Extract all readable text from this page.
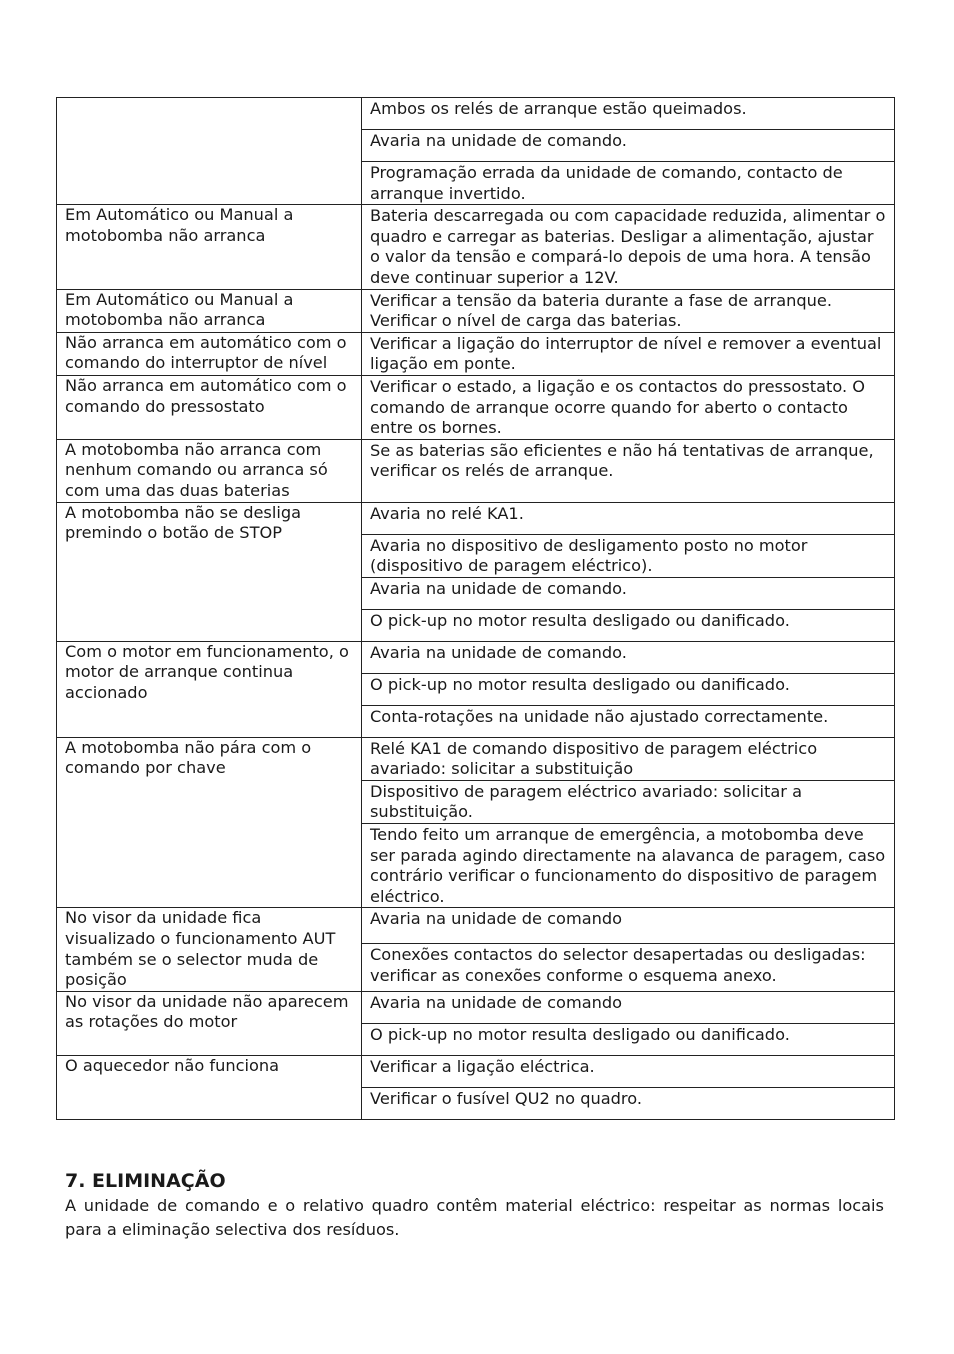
	Ambos os relés de arranque estão queimados.
	Avaria na unidade de comando.
	Programação errada da unidade de comando, contacto de arranque invertido.
Em Automático ou Manual a motobomba não arranca	Bateria descarregada ou com capacidade reduzida, alimentar o quadro e carregar as baterias. Desligar a alimentação, ajustar o valor da tensão e compará-lo depois de uma hora. A tensão deve continuar superior a 12V.
Em Automático ou Manual a motobomba não arranca	Verificar a tensão da bateria durante a fase de arranque. Verificar o nível de carga das baterias.
Não arranca em automático com o comando do interruptor de nível	Verificar a ligação do interruptor de nível e remover a eventual ligação em ponte.
Não arranca em automático com o comando do pressostato	Verificar o estado, a ligação e os contactos do pressostato. O comando de arranque ocorre quando for aberto o contacto entre os bornes.
A motobomba não arranca com nenhum comando ou arranca só com uma das duas baterias	Se as baterias são eficientes e não há tentativas de arranque, verificar os relés de arranque.
A motobomba não se desliga premindo o botão de STOP	Avaria no relé KA1.
	Avaria no dispositivo de desligamento posto no motor (dispositivo de paragem eléctrico).
	Avaria na unidade de comando.
	O pick-up no motor resulta desligado ou danificado.
Com o motor em funcionamento, o motor de arranque continua accionado	Avaria na unidade de comando.
	O pick-up no motor resulta desligado ou danificado.
	Conta-rotações na unidade não ajustado correctamente.
A motobomba não pára com o comando por chave	Relé KA1 de comando dispositivo de paragem eléctrico avariado: solicitar a substituição
	Dispositivo de paragem eléctrico avariado: solicitar a substituição.
	Tendo feito um arranque de emergência, a motobomba deve ser parada agindo directamente na alavanca de paragem, caso contrário verificar o funcionamento do dispositivo de paragem eléctrico.
No visor da unidade fica visualizado o funcionamento AUT também se o selector muda de posição	Avaria na unidade de comando
	Conexões contactos do selector desapertadas ou desligadas: verificar as conexões conforme o esquema anexo.
No visor da unidade não aparecem as rotações do motor	Avaria na unidade de comando
	O pick-up no motor resulta desligado ou danificado.
O aquecedor não funciona	Verificar a ligação eléctrica.
	Verificar o fusível QU2 no quadro.
7. ELIMINAÇÃO

A unidade de comando e o relativo quadro contêm material eléctrico: respeitar as normas locais para a eliminação selectiva dos resíduos.
